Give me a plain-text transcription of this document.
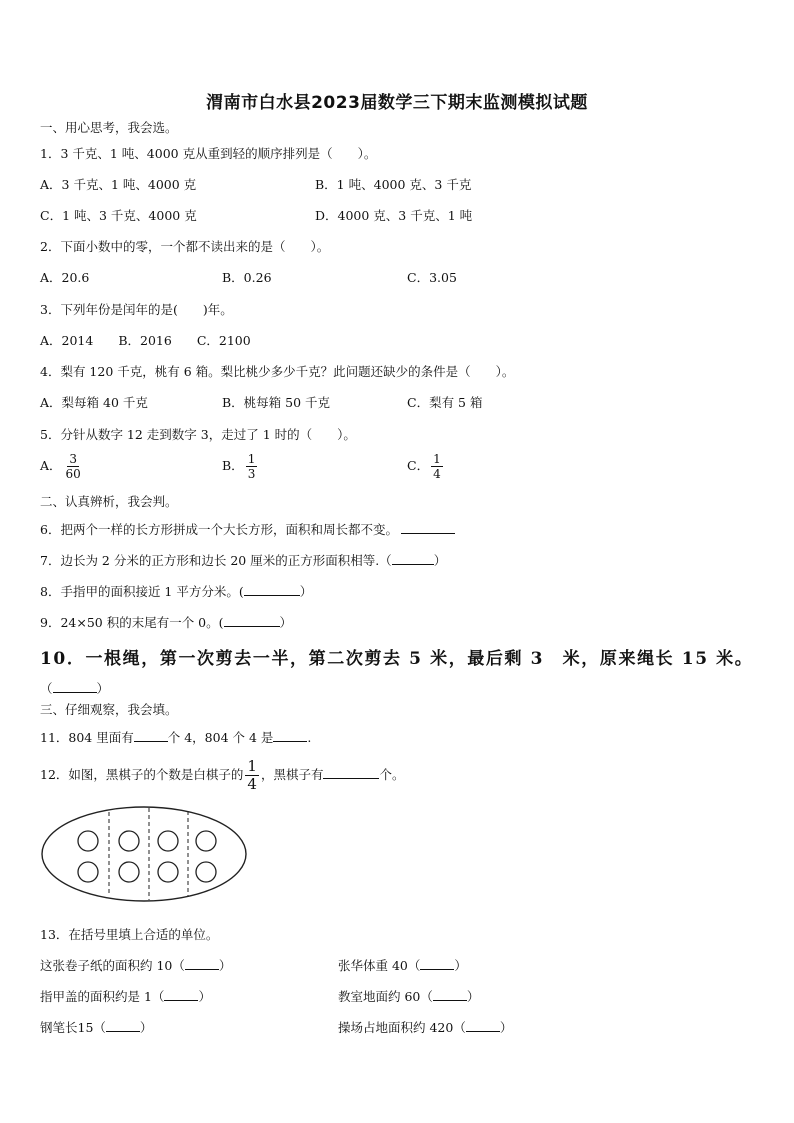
渭南市白水县2023届数学三下期末监测模拟试题
一、用心思考，我会选。
1．3 千克、1 吨、4000 克从重到轻的顺序排列是（　　）。
A．3 千克、1 吨、4000 克	B．1 吨、4000 克、3 千克
C．1 吨、3 千克、4000 克	D．4000 克、3 千克、1 吨
2．下面小数中的零，一个都不读出来的是（　　）。
A．20.6	B．0.26	C．3.05
3．下列年份是闰年的是(　　)年。
A．2014　　B．2016　　C．2100
4．梨有 120 千克，桃有 6 箱。梨比桃少多少千克？此问题还缺少的条件是（　　）。
A．梨每箱 40 千克	B．桃每箱 50 千克	C．梨有 5 箱
5．分针从数字 12 走到数字 3，走过了 1 时的（　　）。
A． $\frac{3}{60}$	B． $\frac{1}{3}$	C． $\frac{1}{4}$
二、认真辨析，我会判。
6．把两个一样的长方形拼成一个大长方形，面积和周长都不变。
7．边长为 2 分米的正方形和边长 20 厘米的正方形面积相等.（	）
8．手指甲的面积接近 1 平方分米。(	）
9．24×50 积的末尾有一个 0。(	）
10．一根绳，第一次剪去一半，第二次剪去 5 米，最后剩 3　米，原来绳长 15 米。
（	）
三、仔细观察，我会填。
11．804 里面有	个 4，804 个 4 是	.
12．如图，黑棋子的个数是白棋子的 $\frac{1}{4}$ ，黑棋子有	个。
13．在括号里填上合适的单位。
这张卷子纸的面积约 10（	）	张华体重 40（	）
指甲盖的面积约是 1（	）	教室地面约 60（	）
钢笔长15（	）	操场占地面积约 420（	）
